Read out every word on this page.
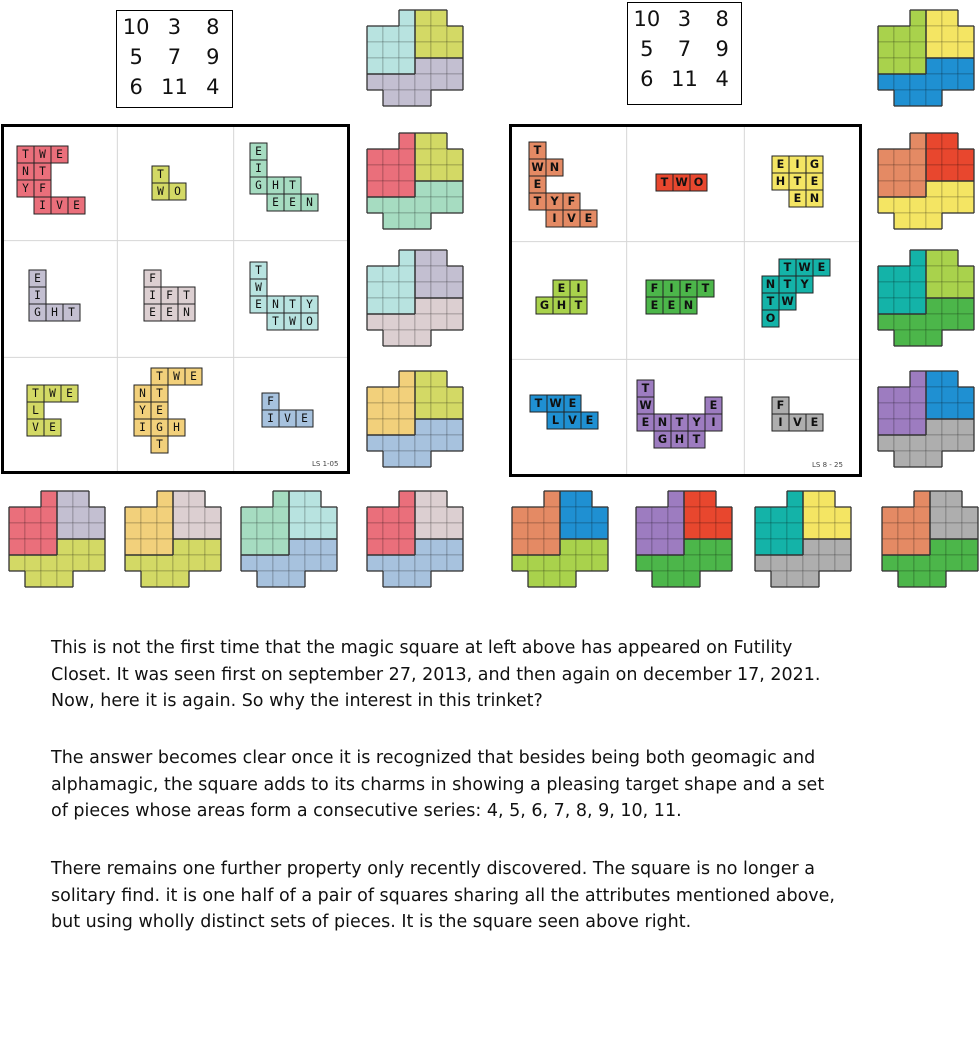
10 3	8
5	7	9
6 11 4
10 3	8
5	7	9
6 11 4
LS 1-05	LS 8 - 25
T W E
N T
Y F
I V E
T
W O
E
I
G H T
E E N
E
I
G H T
F
I F T
E E N
T
W
E N T Y
T W O
T W E
L
V E
T W E
N T
Y E
I G H
T
F
I V E
T
W
E
N
T Y F
I V E
T W O
E I G
H T E
E N
E I
G H T
F I F T
E E N
T W E
N T Y
T W
O
T W E
L V E
T
W
E N T Y I
E
G H T
F
I V E

This is not the first time that the magic square at left above has appeared on Futility
Closet. It was seen first on september 27, 2013, and then again on december 17, 2021.
Now, here it is again. So why the interest in this trinket?

The answer becomes clear once it is recognized that besides being both geomagic and
alphamagic, the square adds to its charms in showing a pleasing target shape and a set
of pieces whose areas form a consecutive series: 4, 5, 6, 7, 8, 9, 10, 11.

There remains one further property only recently discovered. The square is no longer a
solitary find. it is one half of a pair of squares sharing all the attributes mentioned above,
but using wholly distinct sets of pieces. It is the square seen above right.
